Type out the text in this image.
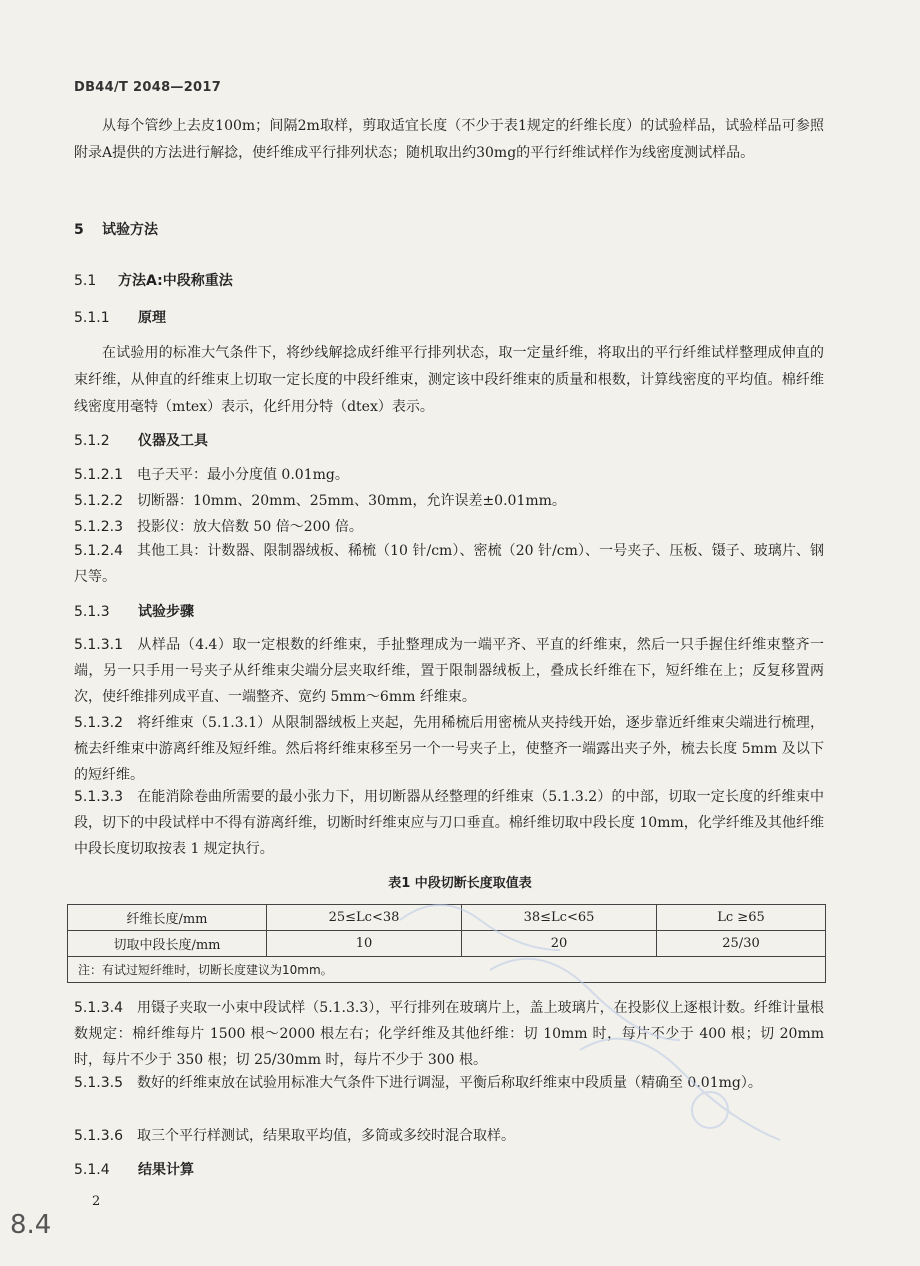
DB44/T 2048—2017
从每个管纱上去皮100m；间隔2m取样，剪取适宜长度（不少于表1规定的纤维长度）的试验样品，试验样品可参照附录A提供的方法进行解捻，使纤维成平行排列状态；随机取出约30mg的平行纤维试样作为线密度测试样品。
5 试验方法
5.1 方法A:中段称重法
5.1.1 原理
在试验用的标准大气条件下，将纱线解捻成纤维平行排列状态，取一定量纤维，将取出的平行纤维试样整理成伸直的束纤维，从伸直的纤维束上切取一定长度的中段纤维束，测定该中段纤维束的质量和根数，计算线密度的平均值。棉纤维线密度用毫特（mtex）表示，化纤用分特（dtex）表示。
5.1.2 仪器及工具
5.1.2.1 电子天平：最小分度值 0.01mg。
5.1.2.2 切断器：10mm、20mm、25mm、30mm，允许误差±0.01mm。
5.1.2.3 投影仪：放大倍数 50 倍～200 倍。
5.1.2.4 其他工具：计数器、限制器绒板、稀梳（10 针/cm）、密梳（20 针/cm）、一号夹子、压板、镊子、玻璃片、钢尺等。
5.1.3 试验步骤
5.1.3.1 从样品（4.4）取一定根数的纤维束，手扯整理成为一端平齐、平直的纤维束，然后一只手握住纤维束整齐一端，另一只手用一号夹子从纤维束尖端分层夹取纤维，置于限制器绒板上，叠成长纤维在下，短纤维在上；反复移置两次，使纤维排列成平直、一端整齐、宽约 5mm～6mm 纤维束。
5.1.3.2 将纤维束（5.1.3.1）从限制器绒板上夹起，先用稀梳后用密梳从夹持线开始，逐步靠近纤维束尖端进行梳理，梳去纤维束中游离纤维及短纤维。然后将纤维束移至另一个一号夹子上，使整齐一端露出夹子外，梳去长度 5mm 及以下的短纤维。
5.1.3.3 在能消除卷曲所需要的最小张力下，用切断器从经整理的纤维束（5.1.3.2）的中部，切取一定长度的纤维束中段，切下的中段试样中不得有游离纤维，切断时纤维束应与刀口垂直。棉纤维切取中段长度 10mm，化学纤维及其他纤维中段长度切取按表 1 规定执行。
表1 中段切断长度取值表
纤维长度/mm	25≤Lc<38	38≤Lc<65	Lc ≥65
切取中段长度/mm	10	20	25/30
注：有试过短纤维时，切断长度建议为10mm。			
5.1.3.4 用镊子夹取一小束中段试样（5.1.3.3），平行排列在玻璃片上，盖上玻璃片，在投影仪上逐根计数。纤维计量根数规定：棉纤维每片 1500 根～2000 根左右；化学纤维及其他纤维：切 10mm 时，每片不少于 400 根；切 20mm 时，每片不少于 350 根；切 25/30mm 时，每片不少于 300 根。
5.1.3.5 数好的纤维束放在试验用标准大气条件下进行调湿，平衡后称取纤维束中段质量（精确至 0.01mg）。
5.1.3.6 取三个平行样测试，结果取平均值，多筒或多绞时混合取样。
5.1.4 结果计算
2
8.4
